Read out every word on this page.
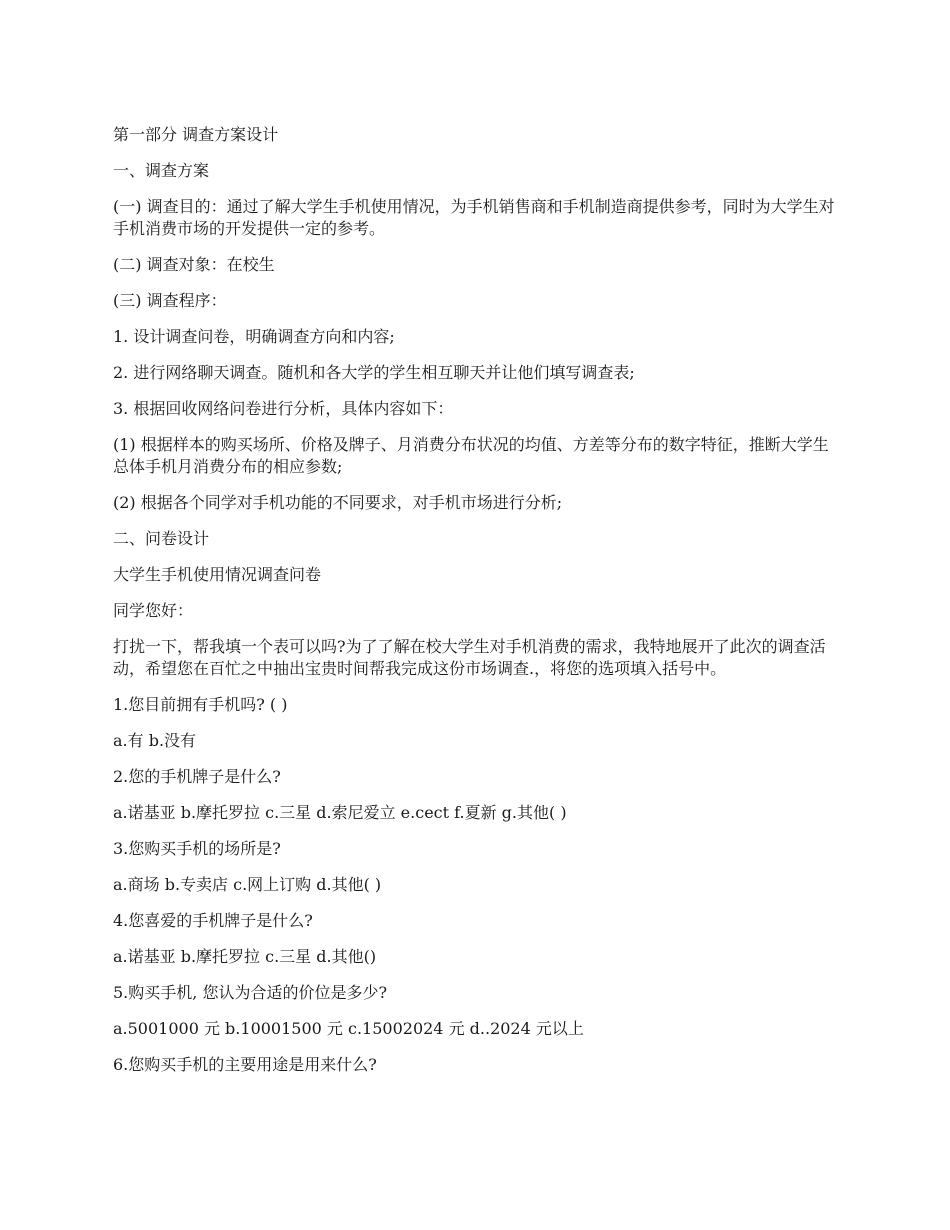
第一部分 调查方案设计

一、调查方案

(一) 调查目的：通过了解大学生手机使用情况，为手机销售商和手机制造商提供参考，同时为大学生对手机消费市场的开发提供一定的参考。

(二) 调查对象：在校生

(三) 调查程序：

1. 设计调查问卷，明确调查方向和内容;

2. 进行网络聊天调查。随机和各大学的学生相互聊天并让他们填写调查表;

3. 根据回收网络问卷进行分析，具体内容如下：

(1) 根据样本的购买场所、价格及牌子、月消费分布状况的均值、方差等分布的数字特征，推断大学生总体手机月消费分布的相应参数;

(2) 根据各个同学对手机功能的不同要求，对手机市场进行分析;

二、问卷设计

大学生手机使用情况调查问卷

同学您好：

打扰一下，帮我填一个表可以吗?为了了解在校大学生对手机消费的需求，我特地展开了此次的调查活动，希望您在百忙之中抽出宝贵时间帮我完成这份市场调查.，将您的选项填入括号中。

1.您目前拥有手机吗? ( )

a.有 b.没有

2.您的手机牌子是什么?

a.诺基亚 b.摩托罗拉 c.三星 d.索尼爱立 e.cect f.夏新 g.其他( )

3.您购买手机的场所是?

a.商场 b.专卖店 c.网上订购 d.其他( )

4.您喜爱的手机牌子是什么?

a.诺基亚 b.摩托罗拉 c.三星 d.其他()

5.购买手机, 您认为合适的价位是多少?

a.5001000 元 b.10001500 元 c.15002024 元 d..2024 元以上

6.您购买手机的主要用途是用来什么?
